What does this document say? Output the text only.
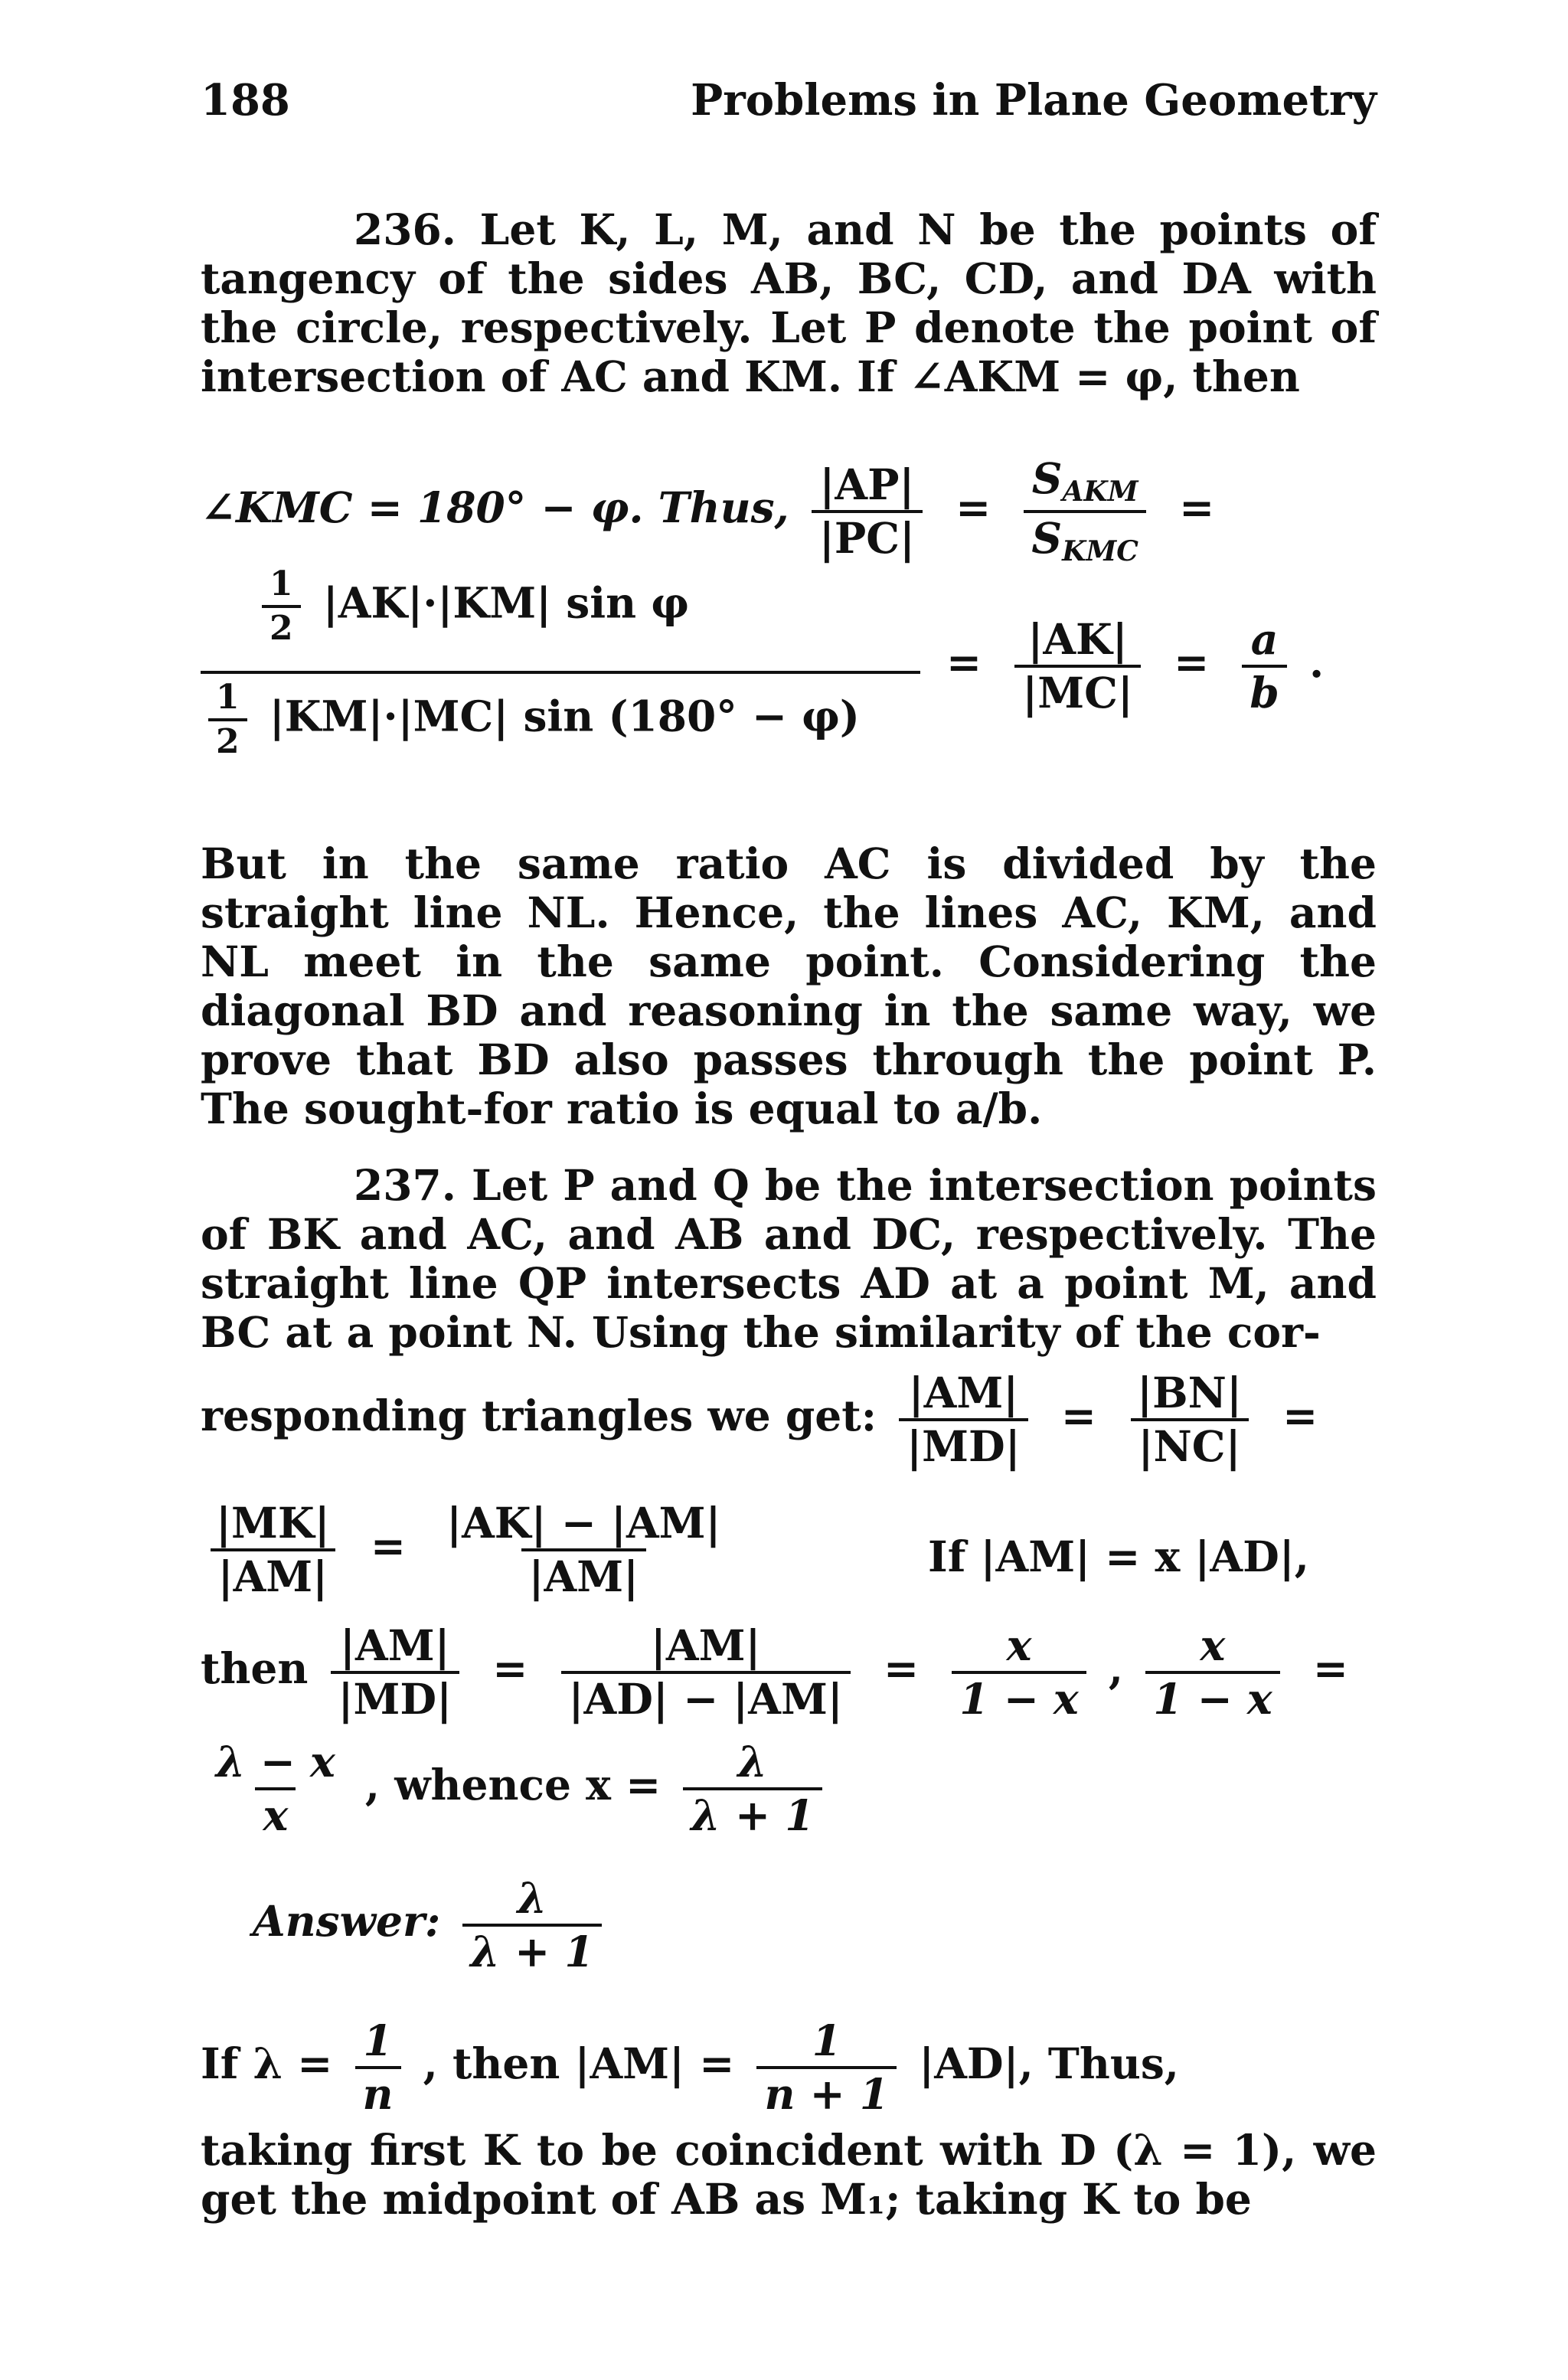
188	Problems in Plane Geometry
236. Let K, L, M, and N be the points of tangency of the sides AB, BC, CD, and DA with the circle, respectively. Let P denote the point of intersection of AC and KM. If ∠AKM = φ, then
∠KMC = 180° − φ. Thus, $\frac{|AP|}{|PC|} = \frac{S_{AKM}}{S_{KMC}}$ =
$\frac{1}{2} |AK|\cdot|KM|$ sin φ
$\frac{1}{2} |KM|\cdot|MC|$ sin (180° − φ)
= $\frac{|AK|}{|MC|} = \frac{a}{b}$ .
But in the same ratio AC is divided by the straight line NL. Hence, the lines AC, KM, and NL meet in the same point. Considering the diagonal BD and reasoning in the same way, we prove that BD also passes through the point P. The sought-for ratio is equal to a/b.
237. Let P and Q be the intersection points of BK and AC, and AB and DC, respectively. The straight line QP intersects AD at a point M, and BC at a point N. Using the similarity of the cor-
responding triangles we get: $\frac{|AM|}{|MD|} = \frac{|BN|}{|NC|}$ =
$\frac{|MK|}{|AM|} = \frac{|AK| - |AM|}{|AM|}$	If |AM| = x |AD|,
then $\frac{|AM|}{|MD|} = \frac{|AM|}{|AD| - |AM|} = \frac{x}{1 - x}$ , $\frac{x}{1 - x}$ =
$\frac{\lambda - x}{x}$ , whence $x = \frac{\lambda}{\lambda + 1}$
Answer: $\frac{\lambda}{\lambda + 1}$
If $\lambda = \frac{1}{n}$ , then $|AM| = \frac{1}{n + 1} |AD|$, Thus,
taking first K to be coincident with D (λ = 1), we get the midpoint of AB as M₁; taking K to be
